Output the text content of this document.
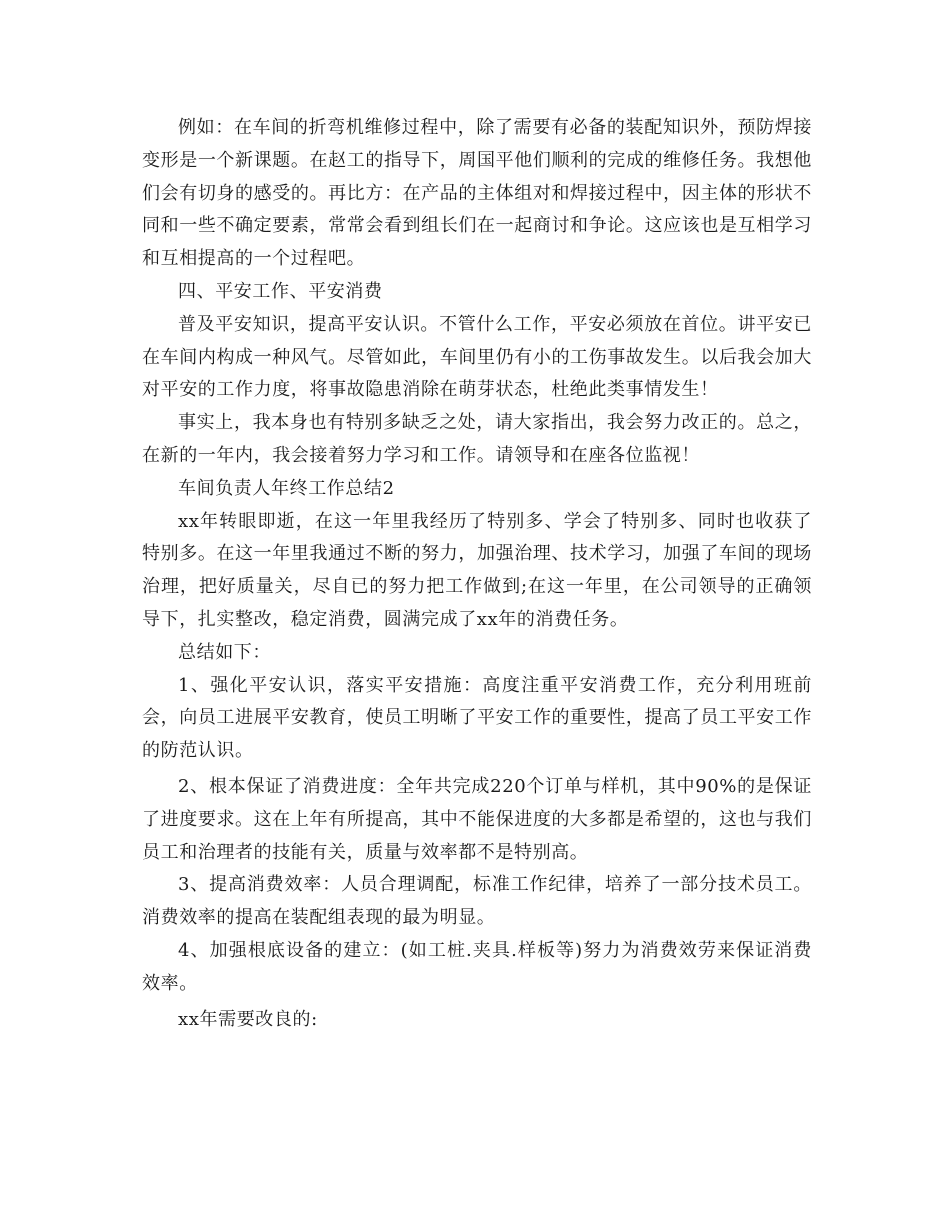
例如：在车间的折弯机维修过程中，除了需要有必备的装配知识外，预防焊接变形是一个新课题。在赵工的指导下，周国平他们顺利的完成的维修任务。我想他们会有切身的感受的。再比方：在产品的主体组对和焊接过程中，因主体的形状不同和一些不确定要素，常常会看到组长们在一起商讨和争论。这应该也是互相学习和互相提高的一个过程吧。

四、平安工作、平安消费

普及平安知识，提高平安认识。不管什么工作，平安必须放在首位。讲平安已在车间内构成一种风气。尽管如此，车间里仍有小的工伤事故发生。以后我会加大对平安的工作力度，将事故隐患消除在萌芽状态，杜绝此类事情发生！

事实上，我本身也有特别多缺乏之处，请大家指出，我会努力改正的。总之，在新的一年内，我会接着努力学习和工作。请领导和在座各位监视！

车间负责人年终工作总结2

xx年转眼即逝，在这一年里我经历了特别多、学会了特别多、同时也收获了特别多。在这一年里我通过不断的努力，加强治理、技术学习，加强了车间的现场治理，把好质量关，尽自已的努力把工作做到;在这一年里，在公司领导的正确领导下，扎实整改，稳定消费，圆满完成了xx年的消费任务。

总结如下：

1、强化平安认识，落实平安措施：高度注重平安消费工作，充分利用班前会，向员工进展平安教育，使员工明晰了平安工作的重要性，提高了员工平安工作的防范认识。

2、根本保证了消费进度：全年共完成220个订单与样机，其中90%的是保证了进度要求。这在上年有所提高，其中不能保进度的大多都是希望的，这也与我们员工和治理者的技能有关，质量与效率都不是特别高。

3、提高消费效率：人员合理调配，标准工作纪律，培养了一部分技术员工。消费效率的提高在装配组表现的最为明显。

4、加强根底设备的建立：(如工桩.夹具.样板等)努力为消费效劳来保证消费效率。

xx年需要改良的:
